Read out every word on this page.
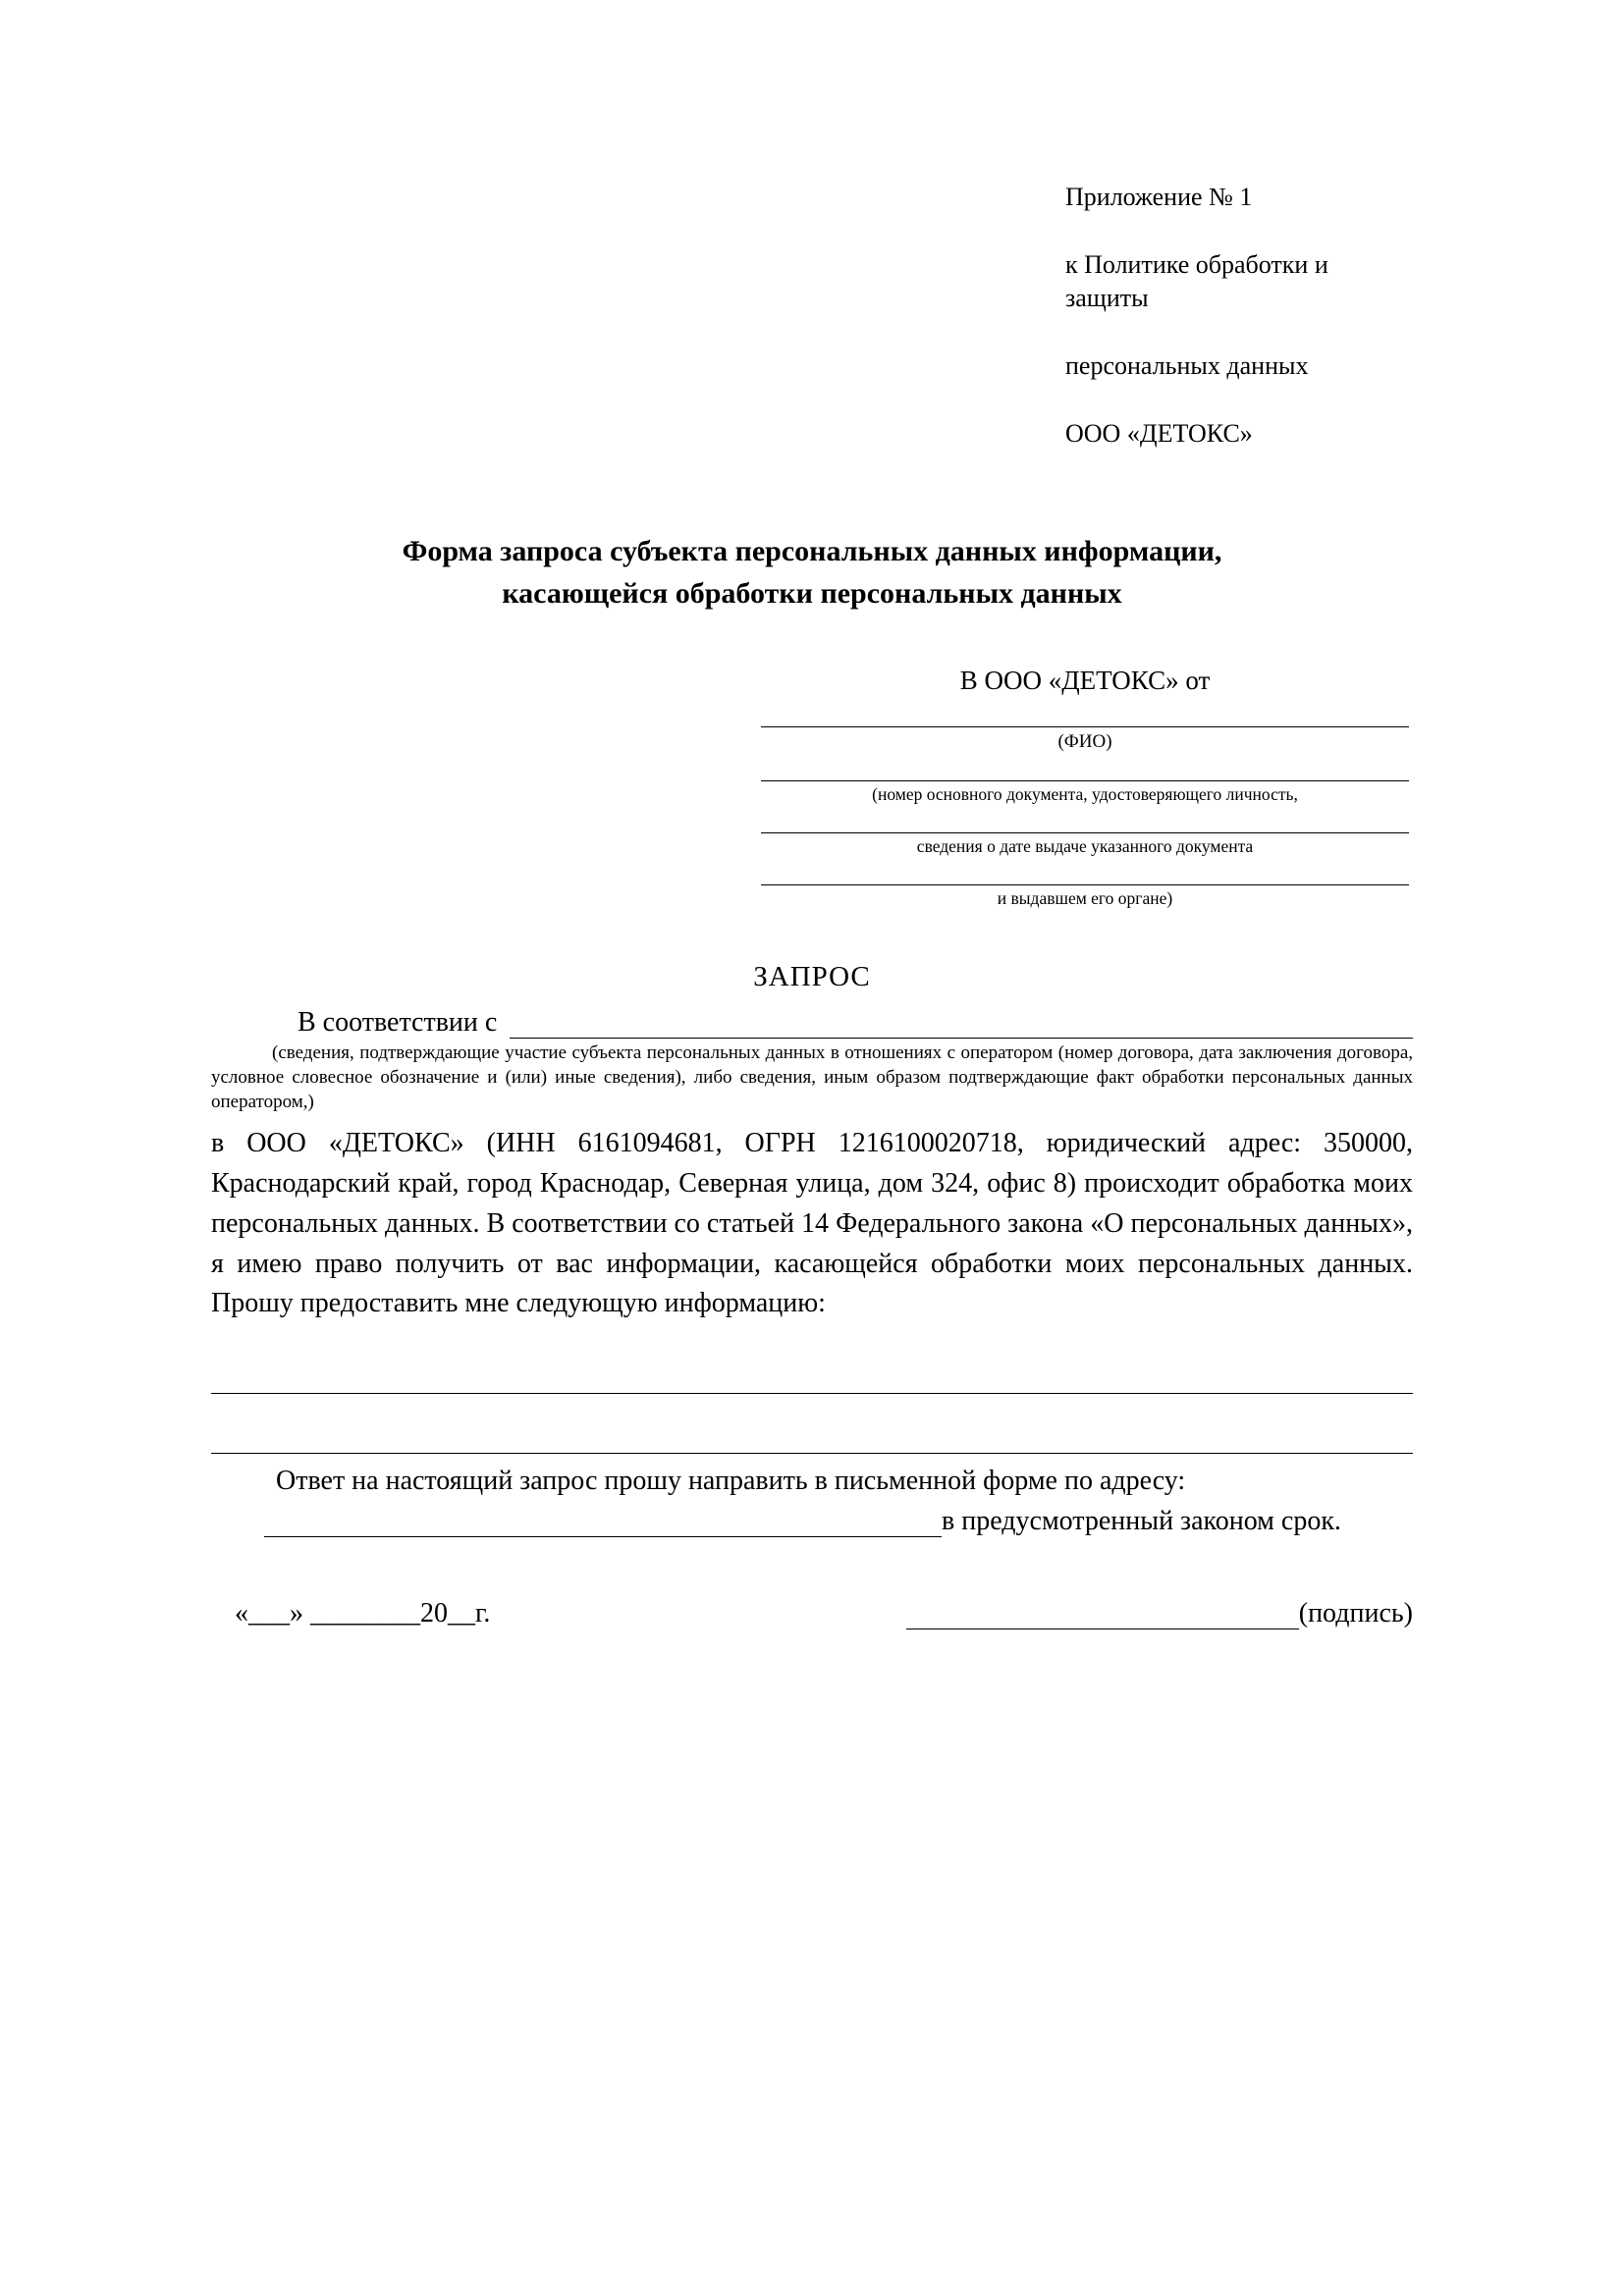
Приложение № 1

к Политике обработки и защиты

персональных данных

ООО «ДЕТОКС»

Форма запроса субъекта персональных данных информации,
касающейся обработки персональных данных
В ООО «ДЕТОКС» от
(ФИО)
(номер основного документа, удостоверяющего личность,
сведения о дате выдаче указанного документа
и выдавшем его органе)
ЗАПРОС
В соответствии с
(сведения, подтверждающие участие субъекта персональных данных в отношениях с оператором (номер договора, дата заключения договора, условное словесное обозначение и (или) иные сведения), либо сведения, иным образом подтверждающие факт обработки персональных данных оператором,)
в ООО «ДЕТОКС» (ИНН 6161094681, ОГРН 1216100020718, юридический адрес: 350000, Краснодарский край, город Краснодар, Северная улица, дом 324, офис 8) происходит обработка моих персональных данных. В соответствии со статьей 14 Федерального закона «О персональных данных», я имею право получить от вас информации, касающейся обработки моих персональных данных. Прошу предоставить мне следующую информацию:
Ответ на настоящий запрос прошу направить в письменной форме по адресу:
в предусмотренный законом срок.
«___» ________20__г.	(подпись)
